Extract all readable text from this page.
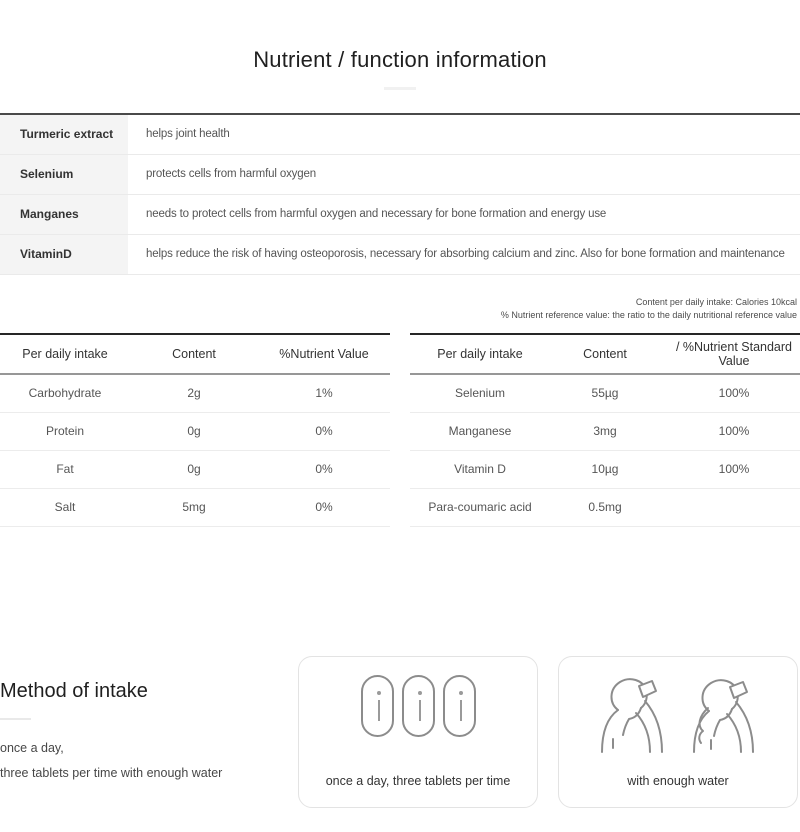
Nutrient / function information
Turmeric extract	helps joint health
Selenium	protects cells from harmful oxygen
Manganes	needs to protect cells from harmful oxygen and necessary for bone formation and energy use
VitaminD	helps reduce the risk of having osteoporosis, necessary for absorbing calcium and zinc. Also for bone formation and maintenance
Content per daily intake: Calories 10kcal
% Nutrient reference value: the ratio to the daily nutritional reference value
Per daily intake	Content	%Nutrient Value
Carbohydrate	2g	1%
Protein	0g	0%
Fat	0g	0%
Salt	5mg	0%
Per daily intake	Content	/ %Nutrient Standard Value
Selenium	55µg	100%
Manganese	3mg	100%
Vitamin D	10µg	100%
Para-coumaric acid	0.5mg	
Method of intake

once a day,

three tablets per time with enough water

once a day, three tablets per time	with enough water
